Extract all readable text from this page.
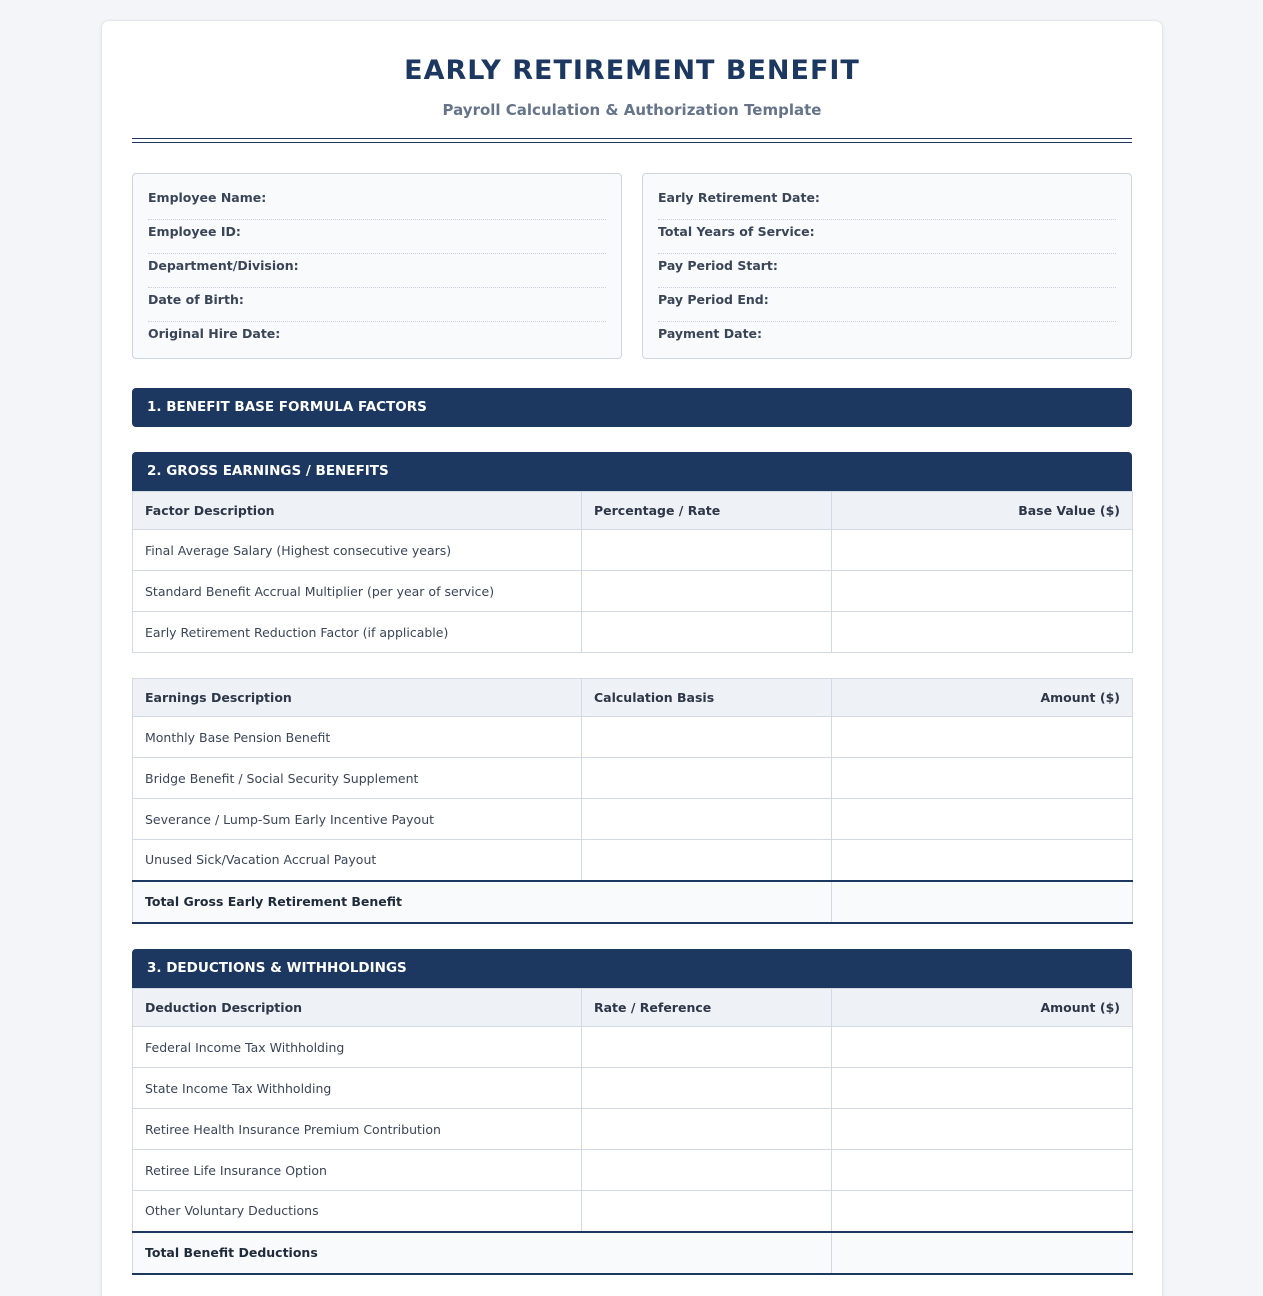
EARLY RETIREMENT BENEFIT
Payroll Calculation & Authorization Template
Employee Name:
Employee ID:
Department/Division:
Date of Birth:
Original Hire Date:
Early Retirement Date:
Total Years of Service:
Pay Period Start:
Pay Period End:
Payment Date:
1. BENEFIT BASE FORMULA FACTORS
2. GROSS EARNINGS / BENEFITS
Factor Description	Percentage / Rate	Base Value ($)
Final Average Salary (Highest consecutive years)		
Standard Benefit Accrual Multiplier (per year of service)		
Early Retirement Reduction Factor (if applicable)		
Earnings Description	Calculation Basis	Amount ($)
Monthly Base Pension Benefit		
Bridge Benefit / Social Security Supplement		
Severance / Lump-Sum Early Incentive Payout		
Unused Sick/Vacation Accrual Payout		
Total Gross Early Retirement Benefit		
3. DEDUCTIONS & WITHHOLDINGS
Deduction Description	Rate / Reference	Amount ($)
Federal Income Tax Withholding		
State Income Tax Withholding		
Retiree Health Insurance Premium Contribution		
Retiree Life Insurance Option		
Other Voluntary Deductions		
Total Benefit Deductions		
